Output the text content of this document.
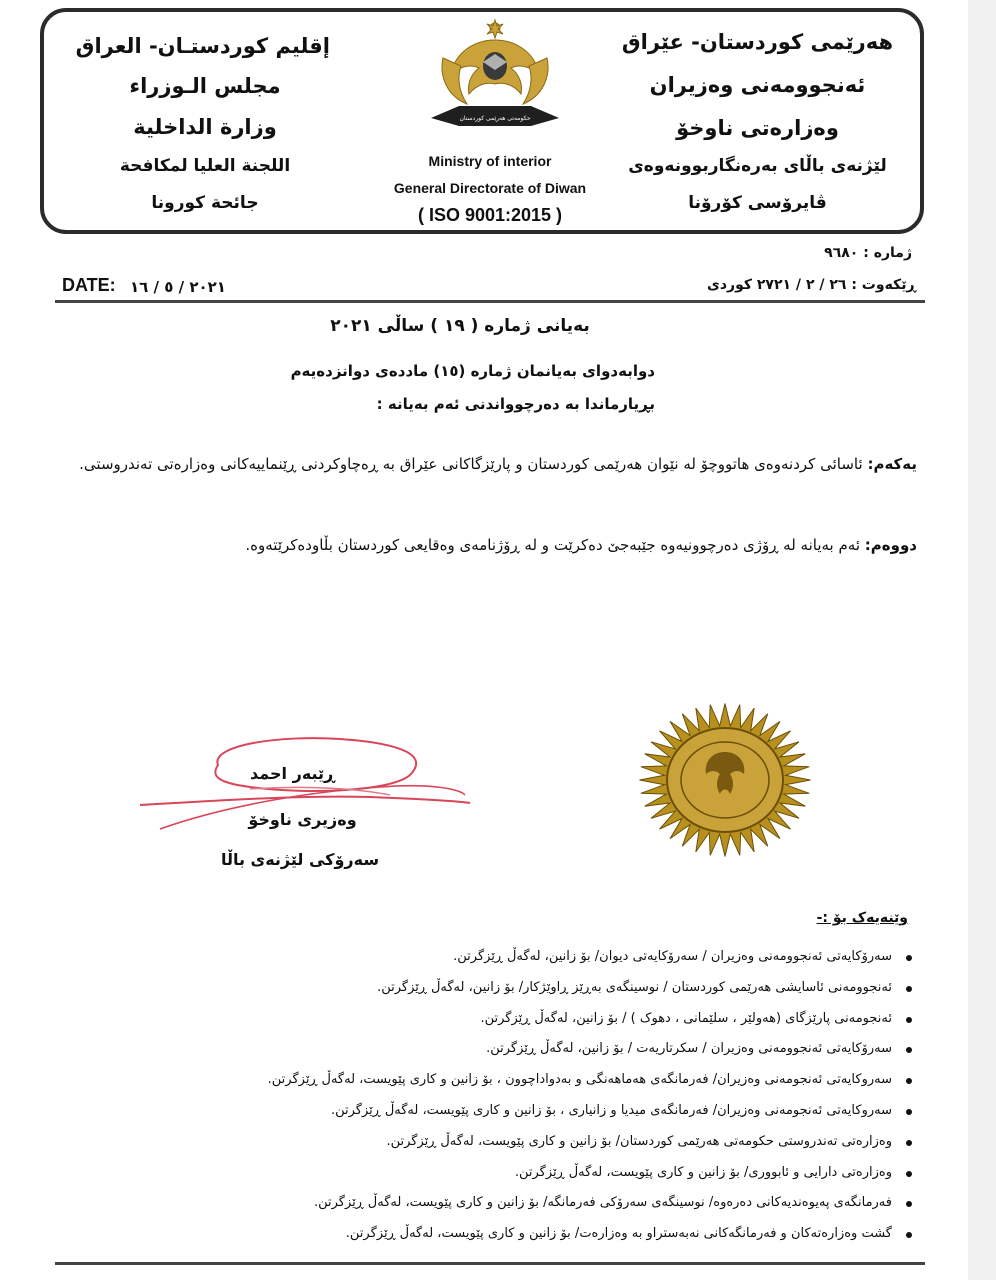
إقليم كوردستـان- العراق
مجلس الـوزراء
وزارة الداخلية
اللجنة العليا لمكافحة
جائحة كورونا
هەرێمی کوردستان- عێراق
ئەنجوومەنی وەزیران
وەزارەتی ناوخۆ
لێژنەی باڵای بەرەنگاربوونەوەی
ڤایرۆسی کۆرۆنا
حکومەتی هەرێمی کوردستان
Ministry of interior
General Directorate of Diwan
( ISO 9001:2015 )
ژماره : ٩٦٨٠
ڕێکەوت : ٢٦ / ٢ / ٢٧٢١ کوردی
DATE: ٢٠٢١ / ٥ / ١٦
بەیانی ژمارە ( ١٩ ) ساڵی ٢٠٢١
دوابەدوای بەیانمان ژمارە (١٥) ماددەی دوانزدەیەم
بڕیارماندا بە دەرچوواندنی ئەم بەیانە :
یەکەم: ئاسائی کردنەوەی هاتووچۆ لە نێوان هەرێمی کوردستان و پارێزگاکانی عێراق بە ڕەچاوکردنی ڕێنماییەکانی وەزارەتی تەندروستی.
دووەم: ئەم بەیانە لە ڕۆژی دەرچوونیەوە جێبەجێ دەکرێت و لە ڕۆژنامەی وەقایعی کوردستان بڵاودەکرێتەوە.
ڕێبەر احمد
وەزیری ناوخۆ
سەرۆکی لێژنەی باڵا
وێنەیەک بۆ :-
سەرۆکایەتی ئەنجوومەنی وەزیران / سەرۆکایەتی دیوان/ بۆ زانین، لەگەڵ ڕێزگرتن.
ئەنجوومەنی ئاسایشی هەرێمی کوردستان / نوسینگەی بەڕێز ڕاوێژکار/ بۆ زانین، لەگەڵ ڕێزگرتن.
ئەنجومەنی پارێزگای (هەولێر ، سلێمانی ، دهوک ) / بۆ زانین، لەگەڵ ڕێزگرتن.
سەرۆکایەتی ئەنجوومەنی وەزیران / سکرتاریەت / بۆ زانین، لەگەڵ ڕێزگرتن.
سەروکایەتی ئەنجومەنی وەزیران/ فەرمانگەی هەماهەنگی و بەدواداچوون ، بۆ زانین و کاری پێویست، لەگەڵ ڕێزگرتن.
سەروکایەتی ئەنجومەنی وەزیران/ فەرمانگەی میدیا و زانیاری ، بۆ زانین و کاری پێویست، لەگەڵ ڕێزگرتن.
وەزارەتی تەندروستی حکومەتی هەرێمی کوردستان/ بۆ زانین و کاری پێویست، لەگەڵ ڕێزگرتن.
وەزارەتی دارایی و ئابووری/ بۆ زانین و کاری پێویست، لەگەڵ ڕێزگرتن.
فەرمانگەی پەیوەندیەکانی دەرەوە/ نوسینگەی سەرۆکی فەرمانگە/ بۆ زانین و کاری پێویست، لەگەڵ ڕێزگرتن.
گشت وەزارەتەکان و فەرمانگەکانی نەبەستراو بە وەزارەت/ بۆ زانین و کاری پێویست، لەگەڵ ڕێزگرتن.
